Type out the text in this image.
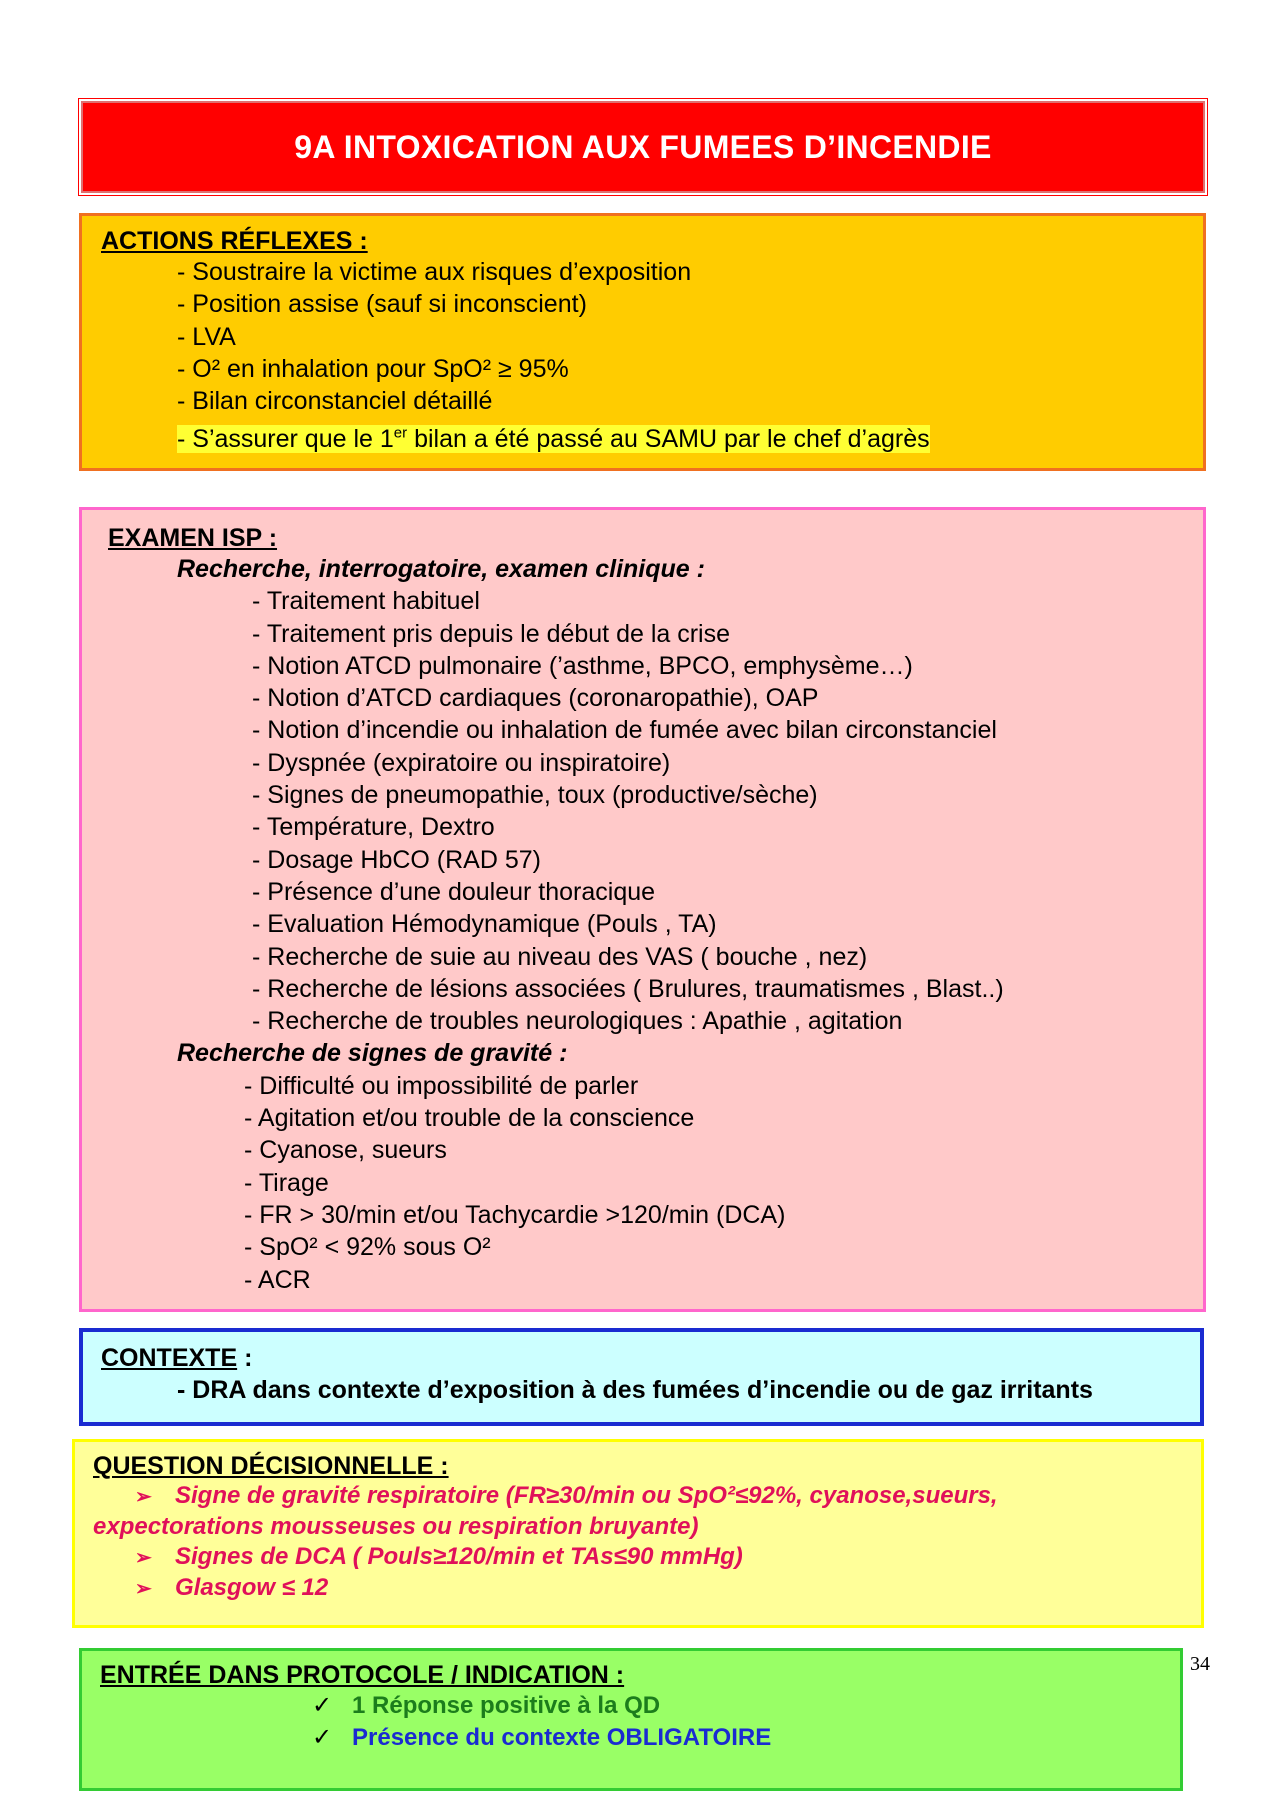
9A INTOXICATION AUX FUMEES D’INCENDIE
ACTIONS RÉFLEXES :
- Soustraire la victime aux risques d’exposition
- Position assise (sauf si inconscient)
- LVA
- O² en inhalation pour SpO² ≥ 95%
- Bilan circonstanciel détaillé
- S’assurer que le 1er bilan a été passé au SAMU par le chef d’agrès
EXAMEN ISP :
Recherche, interrogatoire, examen clinique :
- Traitement habituel
- Traitement pris depuis le début de la crise
- Notion ATCD pulmonaire (’asthme, BPCO, emphysème…)
- Notion d’ATCD cardiaques (coronaropathie), OAP
- Notion d’incendie ou inhalation de fumée avec bilan circonstanciel
- Dyspnée (expiratoire ou inspiratoire)
- Signes de pneumopathie, toux (productive/sèche)
- Température, Dextro
- Dosage HbCO (RAD 57)
- Présence d’une douleur thoracique
- Evaluation Hémodynamique (Pouls , TA)
- Recherche de suie au niveau des VAS ( bouche , nez)
- Recherche de lésions associées ( Brulures, traumatismes , Blast..)
- Recherche de troubles neurologiques : Apathie , agitation
Recherche de signes de gravité :
- Difficulté ou impossibilité de parler
- Agitation et/ou trouble de la conscience
- Cyanose, sueurs
- Tirage
- FR > 30/min et/ou Tachycardie >120/min (DCA)
- SpO² < 92% sous O²
- ACR
CONTEXTE :
- DRA dans contexte d’exposition à des fumées d’incendie ou de gaz irritants
QUESTION DÉCISIONNELLE :
➢ Signe de gravité respiratoire (FR≥30/min ou SpO²≤92%, cyanose,sueurs,
expectorations mousseuses ou respiration bruyante)
➢ Signes de DCA ( Pouls≥120/min et TAs≤90 mmHg)
➢ Glasgow ≤ 12
ENTRÉE DANS PROTOCOLE / INDICATION :
✓ 1 Réponse positive à la QD
✓ Présence du contexte OBLIGATOIRE
34
